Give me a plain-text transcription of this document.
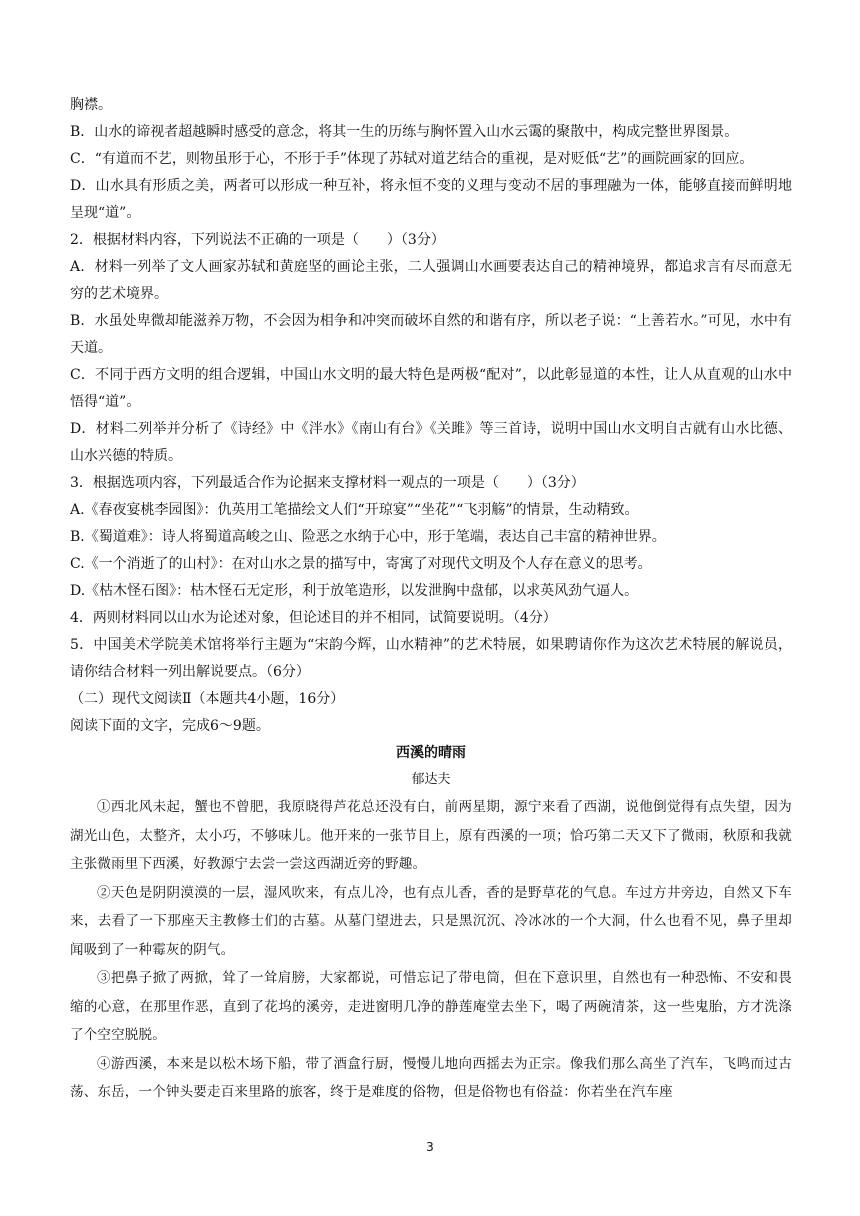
胸襟。
B．山水的谛视者超越瞬时感受的意念，将其一生的历练与胸怀置入山水云霭的聚散中，构成完整世界图景。
C．“有道而不艺，则物虽形于心，不形于手”体现了苏轼对道艺结合的重视，是对贬低“艺”的画院画家的回应。
D．山水具有形质之美，两者可以形成一种互补，将永恒不变的义理与变动不居的事理融为一体，能够直接而鲜明地呈现“道”。
2．根据材料内容，下列说法不正确的一项是（　　）（3分）
A．材料一列举了文人画家苏轼和黄庭坚的画论主张，二人强调山水画要表达自己的精神境界，都追求言有尽而意无穷的艺术境界。
B．水虽处卑微却能滋养万物，不会因为相争和冲突而破坏自然的和谐有序，所以老子说：“上善若水。”可见，水中有天道。
C．不同于西方文明的组合逻辑，中国山水文明的最大特色是两极“配对”，以此彰显道的本性，让人从直观的山水中悟得“道”。
D．材料二列举并分析了《诗经》中《泮水》《南山有台》《关雎》等三首诗，说明中国山水文明自古就有山水比德、山水兴德的特质。
3．根据选项内容，下列最适合作为论据来支撑材料一观点的一项是（　　）（3分）
A.《春夜宴桃李园图》：仇英用工笔描绘文人们“开琼宴”“坐花”“飞羽觞”的情景，生动精致。
B.《蜀道难》：诗人将蜀道高峻之山、险恶之水纳于心中，形于笔端，表达自己丰富的精神世界。
C.《一个消逝了的山村》：在对山水之景的描写中，寄寓了对现代文明及个人存在意义的思考。
D.《枯木怪石图》：枯木怪石无定形，利于放笔造形，以发泄胸中盘郁，以求英风劲气逼人。
4．两则材料同以山水为论述对象，但论述目的并不相同，试简要说明。（4分）
5．中国美术学院美术馆将举行主题为“宋韵今辉，山水精神”的艺术特展，如果聘请你作为这次艺术特展的解说员，请你结合材料一列出解说要点。（6分）
（二）现代文阅读Ⅱ（本题共4小题，16分）
阅读下面的文字，完成6～9题。
西溪的晴雨
郁达夫
①西北风未起，蟹也不曾肥，我原晓得芦花总还没有白，前两星期，源宁来看了西湖，说他倒觉得有点失望，因为湖光山色，太整齐，太小巧，不够味儿。他开来的一张节目上，原有西溪的一项；恰巧第二天又下了微雨，秋原和我就主张微雨里下西溪，好教源宁去尝一尝这西湖近旁的野趣。
②天色是阴阴漠漠的一层，湿风吹来，有点儿冷，也有点儿香，香的是野草花的气息。车过方井旁边，自然又下车来，去看了一下那座天主教修士们的古墓。从墓门望进去，只是黑沉沉、冷冰冰的一个大洞，什么也看不见，鼻子里却闻吸到了一种霉灰的阴气。
③把鼻子掀了两掀，耸了一耸肩膀，大家都说，可惜忘记了带电筒，但在下意识里，自然也有一种恐怖、不安和畏缩的心意，在那里作恶，直到了花坞的溪旁，走进窗明几净的静莲庵堂去坐下，喝了两碗清茶，这一些鬼胎，方才洗涤了个空空脱脱。
④游西溪，本来是以松木场下船，带了酒盒行厨，慢慢儿地向西摇去为正宗。像我们那么高坐了汽车，飞鸣而过古荡、东岳，一个钟头要走百来里路的旅客，终于是难度的俗物，但是俗物也有俗益：你若坐在汽车座
3
